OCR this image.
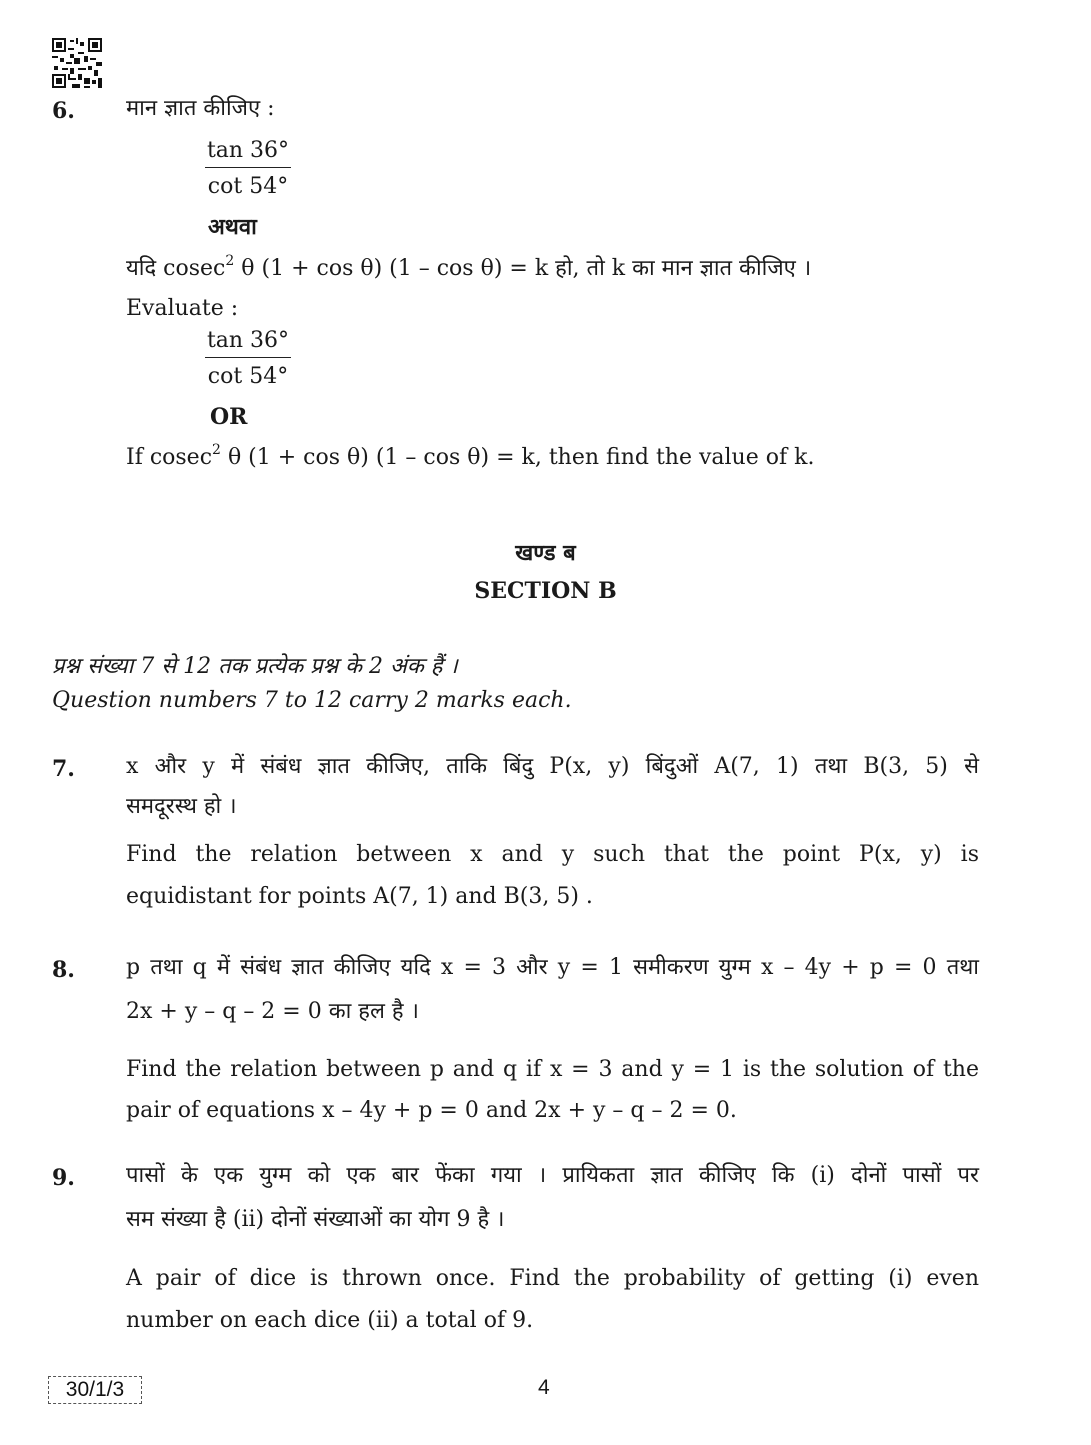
6. मान ज्ञात कीजिए :
$\frac{\tan 36^\circ}{\cot 54^\circ}$
अथवा
यदि cosec$^2$ θ (1 + cos θ) (1 – cos θ) = k हो, तो k का मान ज्ञात कीजिए ।
Evaluate :
$\frac{\tan 36^\circ}{\cot 54^\circ}$
OR
If cosec$^2$ θ (1 + cos θ) (1 – cos θ) = k, then find the value of k.
खण्ड ब
SECTION B
प्रश्न संख्या 7 से 12 तक प्रत्येक प्रश्न के 2 अंक हैं ।
Question numbers 7 to 12 carry 2 marks each.
7. x और y में संबंध ज्ञात कीजिए, ताकि बिंदु P(x, y) बिंदुओं A(7, 1) तथा B(3, 5) से
समदूरस्थ हो ।
Find the relation between x and y such that the point P(x, y) is
equidistant for points A(7, 1) and B(3, 5) .
8. p तथा q में संबंध ज्ञात कीजिए यदि x = 3 और y = 1 समीकरण युग्म x – 4y + p = 0 तथा
2x + y – q – 2 = 0 का हल है ।
Find the relation between p and q if x = 3 and y = 1 is the solution of the
pair of equations x – 4y + p = 0 and 2x + y – q – 2 = 0.
9. पासों के एक युग्म को एक बार फेंका गया । प्रायिकता ज्ञात कीजिए कि (i) दोनों पासों पर
सम संख्या है (ii) दोनों संख्याओं का योग 9 है ।
A pair of dice is thrown once. Find the probability of getting (i) even
number on each dice (ii) a total of 9.
30/1/3	4
